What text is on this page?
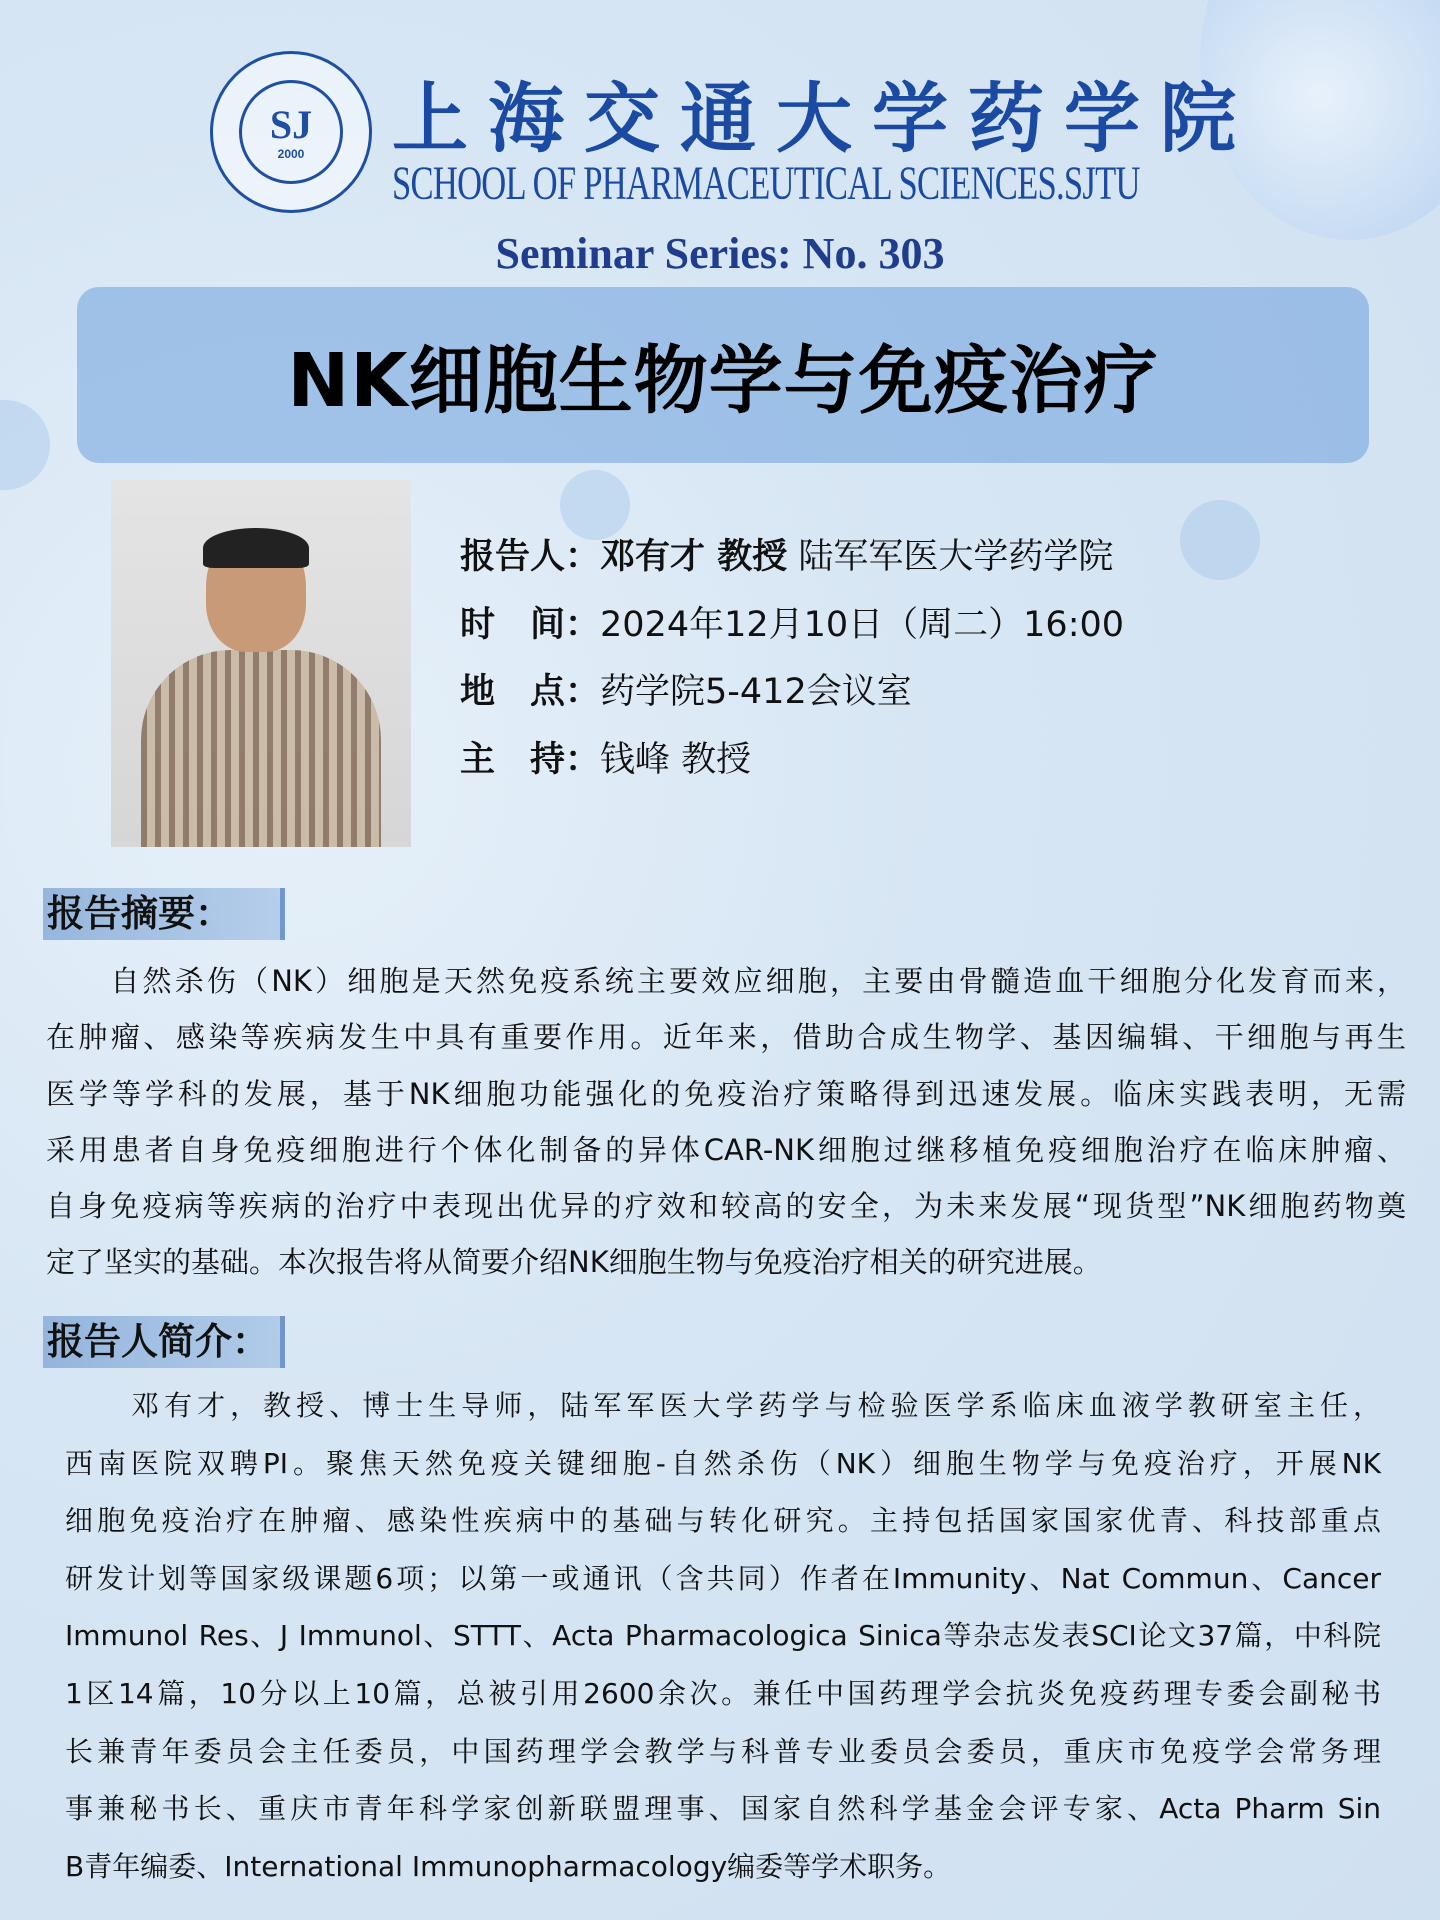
SJ

2000 上海交通大学药学院
SCHOOL OF PHARMACEUTICAL SCIENCES.SJTU
Seminar Series: No. 303
NK细胞生物学与免疫治疗
报告人：邓有才 教授 陆军军医大学药学院
时　间：2024年12月10日（周二）16:00
地　点：药学院5-412会议室
主　持：钱峰 教授
报告摘要：
　　自然杀伤（NK）细胞是天然免疫系统主要效应细胞，主要由骨髓造血干细胞分化发育而来，
在肿瘤、感染等疾病发生中具有重要作用。近年来，借助合成生物学、基因编辑、干细胞与再生
医学等学科的发展，基于NK细胞功能强化的免疫治疗策略得到迅速发展。临床实践表明，无需
采用患者自身免疫细胞进行个体化制备的异体CAR-NK细胞过继移植免疫细胞治疗在临床肿瘤、
自身免疫病等疾病的治疗中表现出优异的疗效和较高的安全，为未来发展“现货型”NK细胞药物奠
定了坚实的基础。本次报告将从简要介绍NK细胞生物与免疫治疗相关的研究进展。
报告人简介：
　　邓有才，教授、博士生导师，陆军军医大学药学与检验医学系临床血液学教研室主任，
西南医院双聘PI。聚焦天然免疫关键细胞-自然杀伤（NK）细胞生物学与免疫治疗，开展NK
细胞免疫治疗在肿瘤、感染性疾病中的基础与转化研究。主持包括国家国家优青、科技部重点
研发计划等国家级课题6项；以第一或通讯（含共同）作者在Immunity、Nat Commun、Cancer
Immunol Res、J Immunol、STTT、Acta Pharmacologica Sinica等杂志发表SCI论文37篇，中科院
1区14篇，10分以上10篇，总被引用2600余次。兼任中国药理学会抗炎免疫药理专委会副秘书
长兼青年委员会主任委员，中国药理学会教学与科普专业委员会委员，重庆市免疫学会常务理
事兼秘书长、重庆市青年科学家创新联盟理事、国家自然科学基金会评专家、Acta Pharm Sin
B青年编委、International Immunopharmacology编委等学术职务。
